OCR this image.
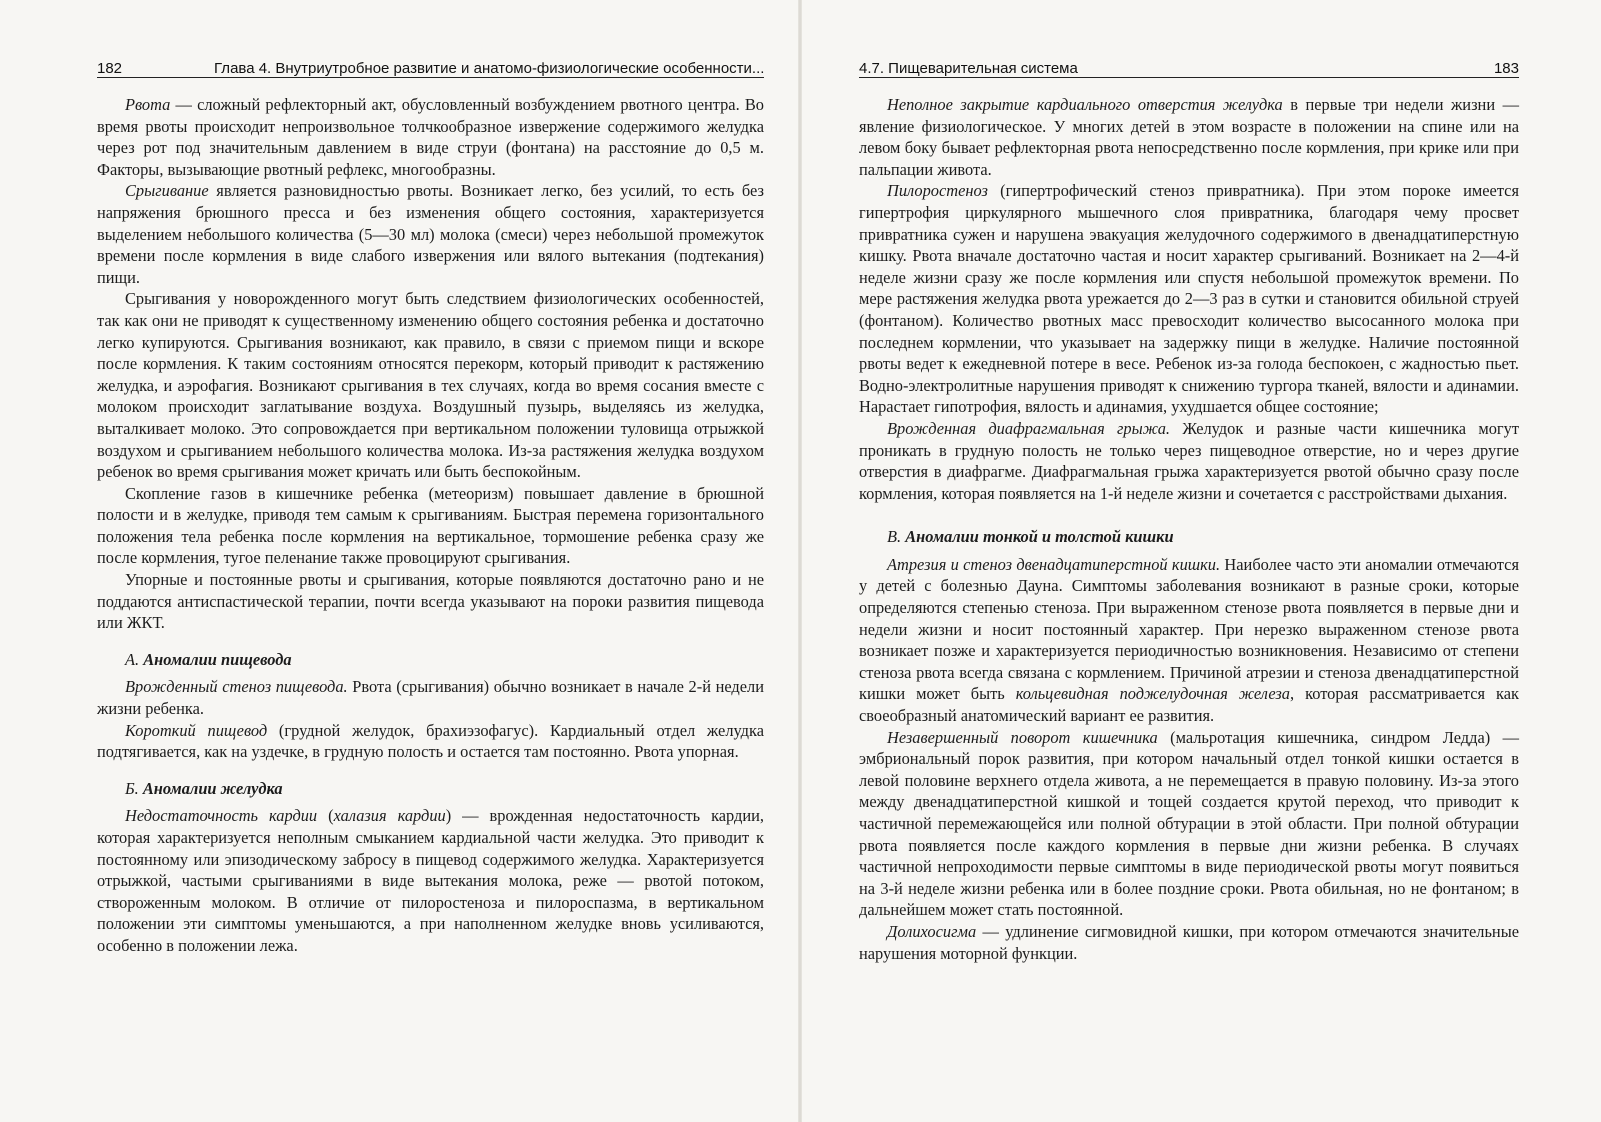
182	Глава 4. Внутриутробное развитие и анатомо-физиологические особенности...

Рвота — сложный рефлекторный акт, обусловленный возбуждением рвотного центра. Во время рвоты происходит непроизвольное толчкообразное извержение содержимого желудка через рот под значительным давлением в виде струи (фонтана) на расстояние до 0,5 м. Факторы, вызывающие рвотный рефлекс, многообразны.

Срыгивание является разновидностью рвоты. Возникает легко, без усилий, то есть без напряжения брюшного пресса и без изменения общего состояния, характеризуется выделением небольшого количества (5—30 мл) молока (смеси) через небольшой промежуток времени после кормления в виде слабого извержения или вялого вытекания (подтекания) пищи.

Срыгивания у новорожденного могут быть следствием физиологических особенностей, так как они не приводят к существенному изменению общего состояния ребенка и достаточно легко купируются. Срыгивания возникают, как правило, в связи с приемом пищи и вскоре после кормления. К таким состояниям относятся перекорм, который приводит к растяжению желудка, и аэрофагия. Возникают срыгивания в тех случаях, когда во время сосания вместе с молоком происходит заглатывание воздуха. Воздушный пузырь, выделяясь из желудка, выталкивает молоко. Это сопровождается при вертикальном положении туловища отрыжкой воздухом и срыгиванием небольшого количества молока. Из-за растяжения желудка воздухом ребенок во время срыгивания может кричать или быть беспокойным.

Скопление газов в кишечнике ребенка (метеоризм) повышает давление в брюшной полости и в желудке, приводя тем самым к срыгиваниям. Быстрая перемена горизонтального положения тела ребенка после кормления на вертикальное, тормошение ребенка сразу же после кормления, тугое пеленание также провоцируют срыгивания.

Упорные и постоянные рвоты и срыгивания, которые появляются достаточно рано и не поддаются антиспастической терапии, почти всегда указывают на пороки развития пищевода или ЖКТ.

А. Аномалии пищевода

Врожденный стеноз пищевода. Рвота (срыгивания) обычно возникает в начале 2-й недели жизни ребенка.

Короткий пищевод (грудной желудок, брахиэзофагус). Кардиальный отдел желудка подтягивается, как на уздечке, в грудную полость и остается там постоянно. Рвота упорная.

Б. Аномалии желудка

Недостаточность кардии (халазия кардии) — врожденная недостаточность кардии, которая характеризуется неполным смыканием кардиальной части желудка. Это приводит к постоянному или эпизодическому забросу в пищевод содержимого желудка. Характеризуется отрыжкой, частыми срыгиваниями в виде вытекания молока, реже — рвотой потоком, створоженным молоком. В отличие от пилоростеноза и пилороспазма, в вертикальном положении эти симптомы уменьшаются, а при наполненном желудке вновь усиливаются, особенно в положении лежа.

4.7. Пищеварительная система	183

Неполное закрытие кардиального отверстия желудка в первые три недели жизни — явление физиологическое. У многих детей в этом возрасте в положении на спине или на левом боку бывает рефлекторная рвота непосредственно после кормления, при крике или при пальпации живота.

Пилоростеноз (гипертрофический стеноз привратника). При этом пороке имеется гипертрофия циркулярного мышечного слоя привратника, благодаря чему просвет привратника сужен и нарушена эвакуация желудочного содержимого в двенадцатиперстную кишку. Рвота вначале достаточно частая и носит характер срыгиваний. Возникает на 2—4-й неделе жизни сразу же после кормления или спустя небольшой промежуток времени. По мере растяжения желудка рвота урежается до 2—3 раз в сутки и становится обильной струей (фонтаном). Количество рвотных масс превосходит количество высосанного молока при последнем кормлении, что указывает на задержку пищи в желудке. Наличие постоянной рвоты ведет к ежедневной потере в весе. Ребенок из-за голода беспокоен, с жадностью пьет. Водно-электролитные нарушения приводят к снижению тургора тканей, вялости и адинамии. Нарастает гипотрофия, вялость и адинамия, ухудшается общее состояние;

Врожденная диафрагмальная грыжа. Желудок и разные части кишечника могут проникать в грудную полость не только через пищеводное отверстие, но и через другие отверстия в диафрагме. Диафрагмальная грыжа характеризуется рвотой обычно сразу после кормления, которая появляется на 1-й неделе жизни и сочетается с расстройствами дыхания.

В. Аномалии тонкой и толстой кишки

Атрезия и стеноз двенадцатиперстной кишки. Наиболее часто эти аномалии отмечаются у детей с болезнью Дауна. Симптомы заболевания возникают в разные сроки, которые определяются степенью стеноза. При выраженном стенозе рвота появляется в первые дни и недели жизни и носит постоянный характер. При нерезко выраженном стенозе рвота возникает позже и характеризуется периодичностью возникновения. Независимо от степени стеноза рвота всегда связана с кормлением. Причиной атрезии и стеноза двенадцатиперстной кишки может быть кольцевидная поджелудочная железа, которая рассматривается как своеобразный анатомический вариант ее развития.

Незавершенный поворот кишечника (мальротация кишечника, синдром Ледда) — эмбриональный порок развития, при котором начальный отдел тонкой кишки остается в левой половине верхнего отдела живота, а не перемещается в правую половину. Из-за этого между двенадцатиперстной кишкой и тощей создается крутой переход, что приводит к частичной перемежающейся или полной обтурации в этой области. При полной обтурации рвота появляется после каждого кормления в первые дни жизни ребенка. В случаях частичной непроходимости первые симптомы в виде периодической рвоты могут появиться на 3-й неделе жизни ребенка или в более поздние сроки. Рвота обильная, но не фонтаном; в дальнейшем может стать постоянной.

Долихосигма — удлинение сигмовидной кишки, при котором отмечаются значительные нарушения моторной функции.
